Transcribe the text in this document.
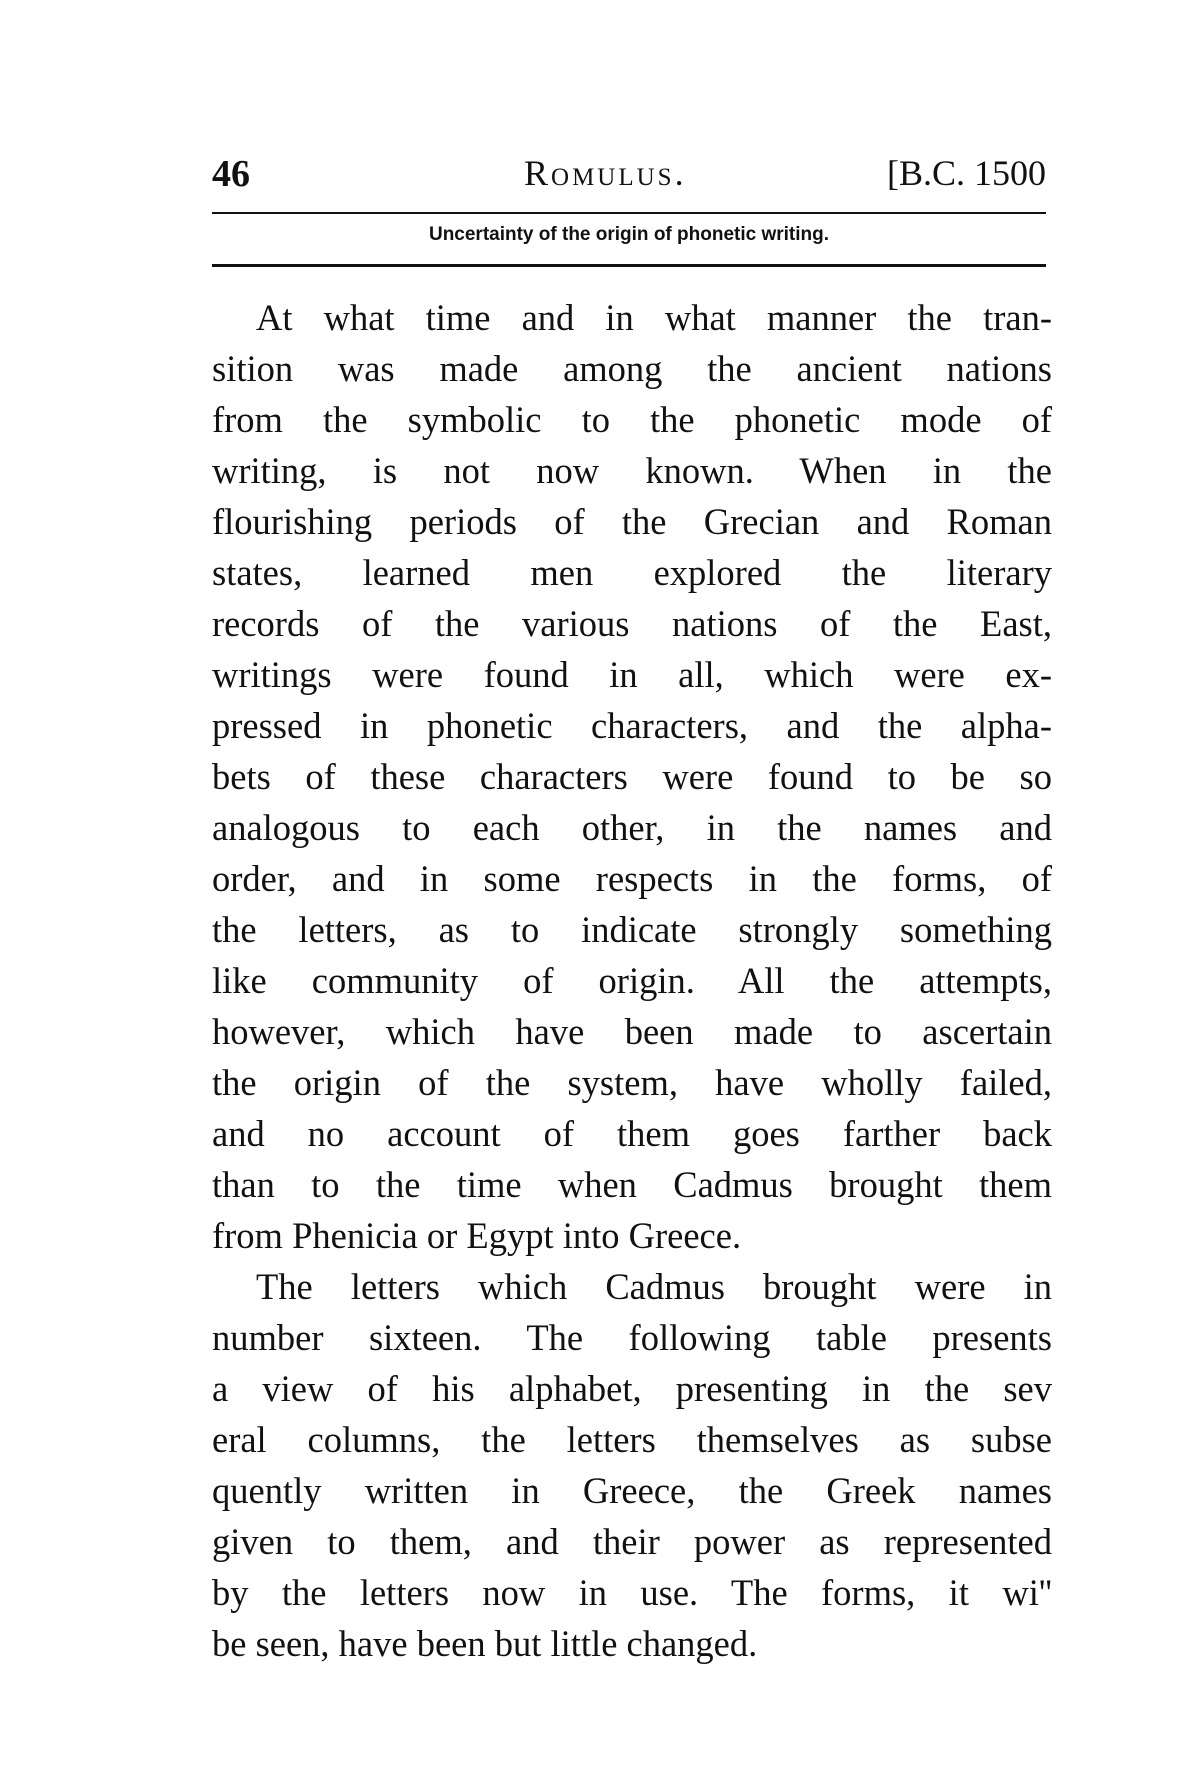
46	Romulus.	[B.C. 1500
Uncertainty of the origin of phonetic writing.
At what time and in what manner the tran-
sition was made among the ancient nations
from the symbolic to the phonetic mode of
writing, is not now known. When in the
flourishing periods of the Grecian and Roman
states, learned men explored the literary
records of the various nations of the East,
writings were found in all, which were ex-
pressed in phonetic characters, and the alpha-
bets of these characters were found to be so
analogous to each other, in the names and
order, and in some respects in the forms, of
the letters, as to indicate strongly something
like community of origin. All the attempts,
however, which have been made to ascertain
the origin of the system, have wholly failed,
and no account of them goes farther back
than to the time when Cadmus brought them
from Phenicia or Egypt into Greece.
The letters which Cadmus brought were in
number sixteen. The following table presents
a view of his alphabet, presenting in the sev
eral columns, the letters themselves as subse
quently written in Greece, the Greek names
given to them, and their power as represented
by the letters now in use. The forms, it wi''
be seen, have been but little changed.
